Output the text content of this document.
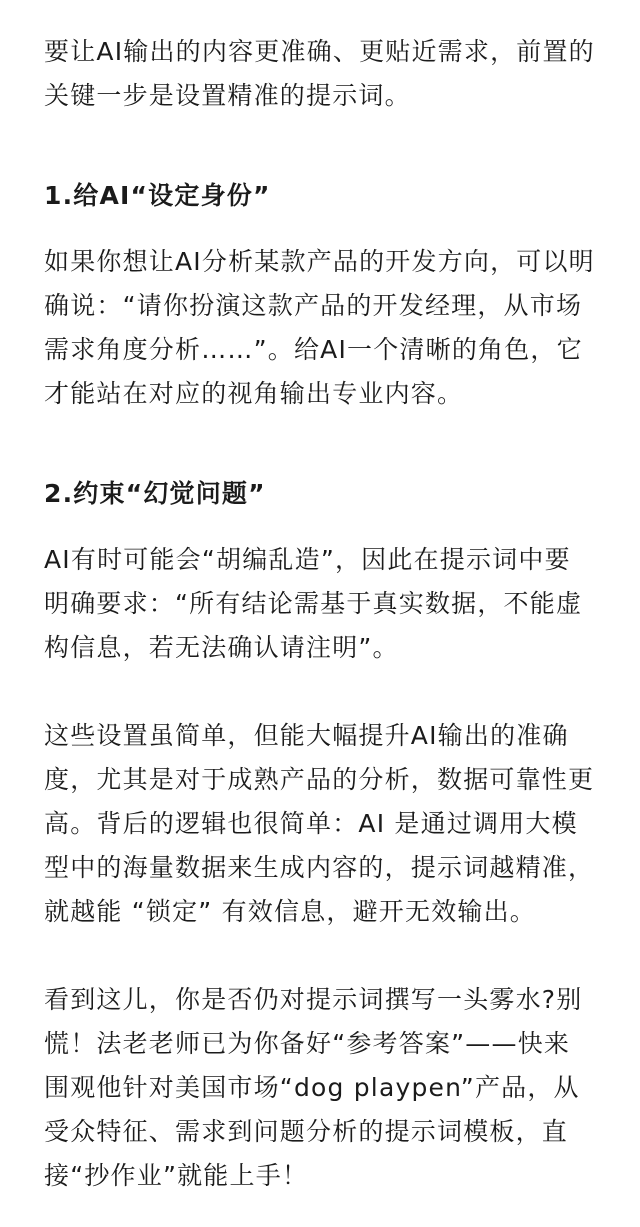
要让AI输出的内容更准确、更贴近需求，前置的关键一步是设置精准的提示词。

1.给AI“设定身份”

如果你想让AI分析某款产品的开发方向，可以明确说：“请你扮演这款产品的开发经理，从市场需求角度分析……”。给AI一个清晰的角色，它才能站在对应的视角输出专业内容。

2.约束“幻觉问题”

AI有时可能会“胡编乱造”，因此在提示词中要明确要求：“所有结论需基于真实数据，不能虚构信息，若无法确认请注明”。

这些设置虽简单，但能大幅提升AI输出的准确度，尤其是对于成熟产品的分析，数据可靠性更高。背后的逻辑也很简单：AI 是通过调用大模型中的海量数据来生成内容的，提示词越精准，就越能 “锁定” 有效信息，避开无效输出。

看到这儿，你是否仍对提示词撰写一头雾水?别慌！法老老师已为你备好“参考答案”——快来围观他针对美国市场“dog playpen”产品，从受众特征、需求到问题分析的提示词模板，直接“抄作业”就能上手！
